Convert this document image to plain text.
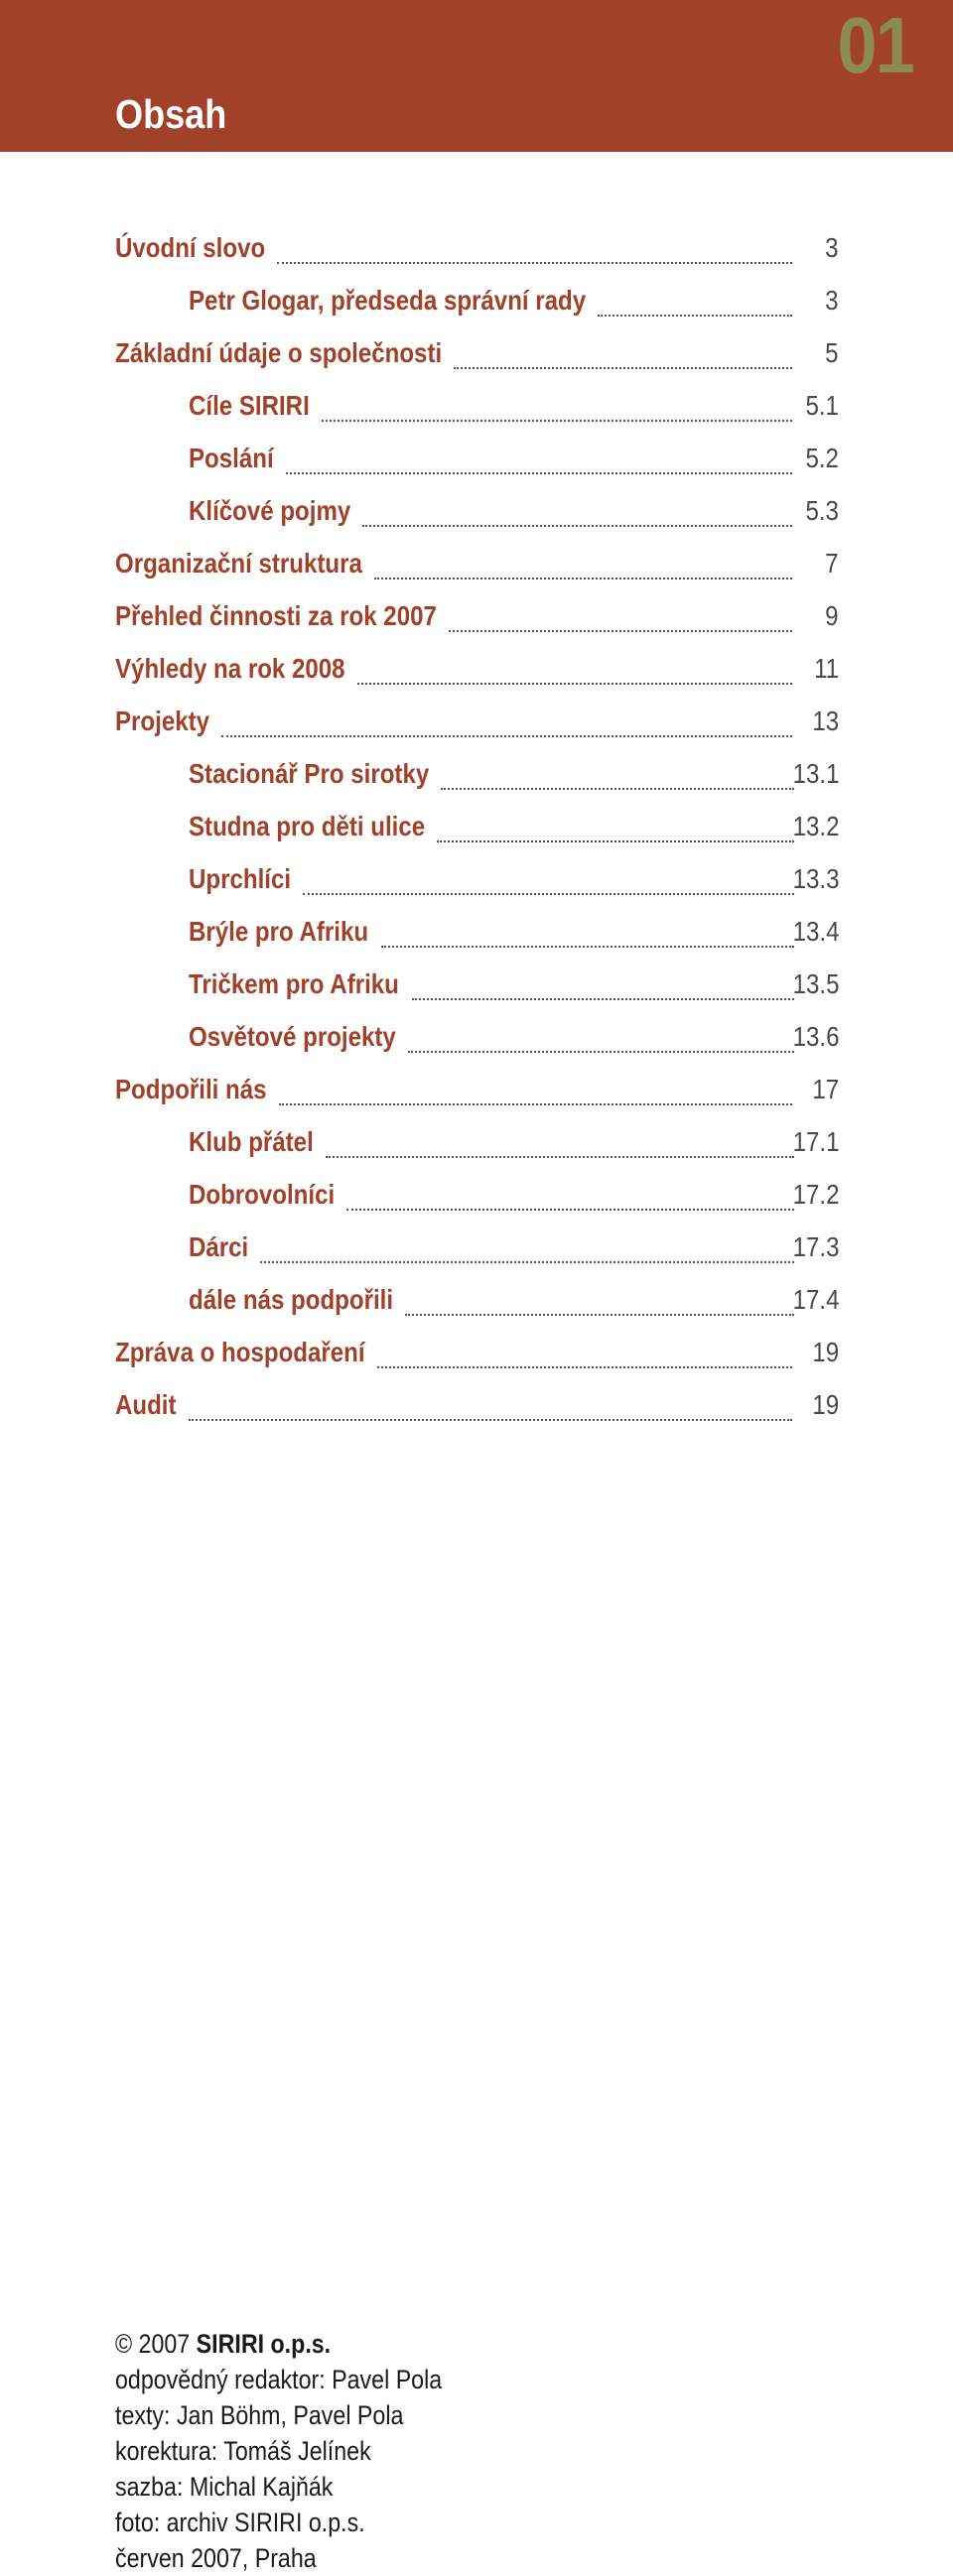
01
Obsah
Úvodní slovo	3
Petr Glogar, předseda správní rady	3
Základní údaje o společnosti	5
Cíle SIRIRI	5.1
Poslání	5.2
Klíčové pojmy	5.3
Organizační struktura	7
Přehled činnosti za rok 2007	9
Výhledy na rok 2008	11
Projekty	13
Stacionář Pro sirotky	13.1
Studna pro děti ulice	13.2
Uprchlíci	13.3
Brýle pro Afriku	13.4
Tričkem pro Afriku	13.5
Osvětové projekty	13.6
Podpořili nás	17
Klub přátel	17.1
Dobrovolníci	17.2
Dárci	17.3
dále nás podpořili	17.4
Zpráva o hospodaření	19
Audit	19
© 2007 SIRIRI o.p.s.
odpovědný redaktor: Pavel Pola
texty: Jan Böhm, Pavel Pola
korektura: Tomáš Jelínek
sazba: Michal Kajňák
foto: archiv SIRIRI o.p.s.
červen 2007, Praha
